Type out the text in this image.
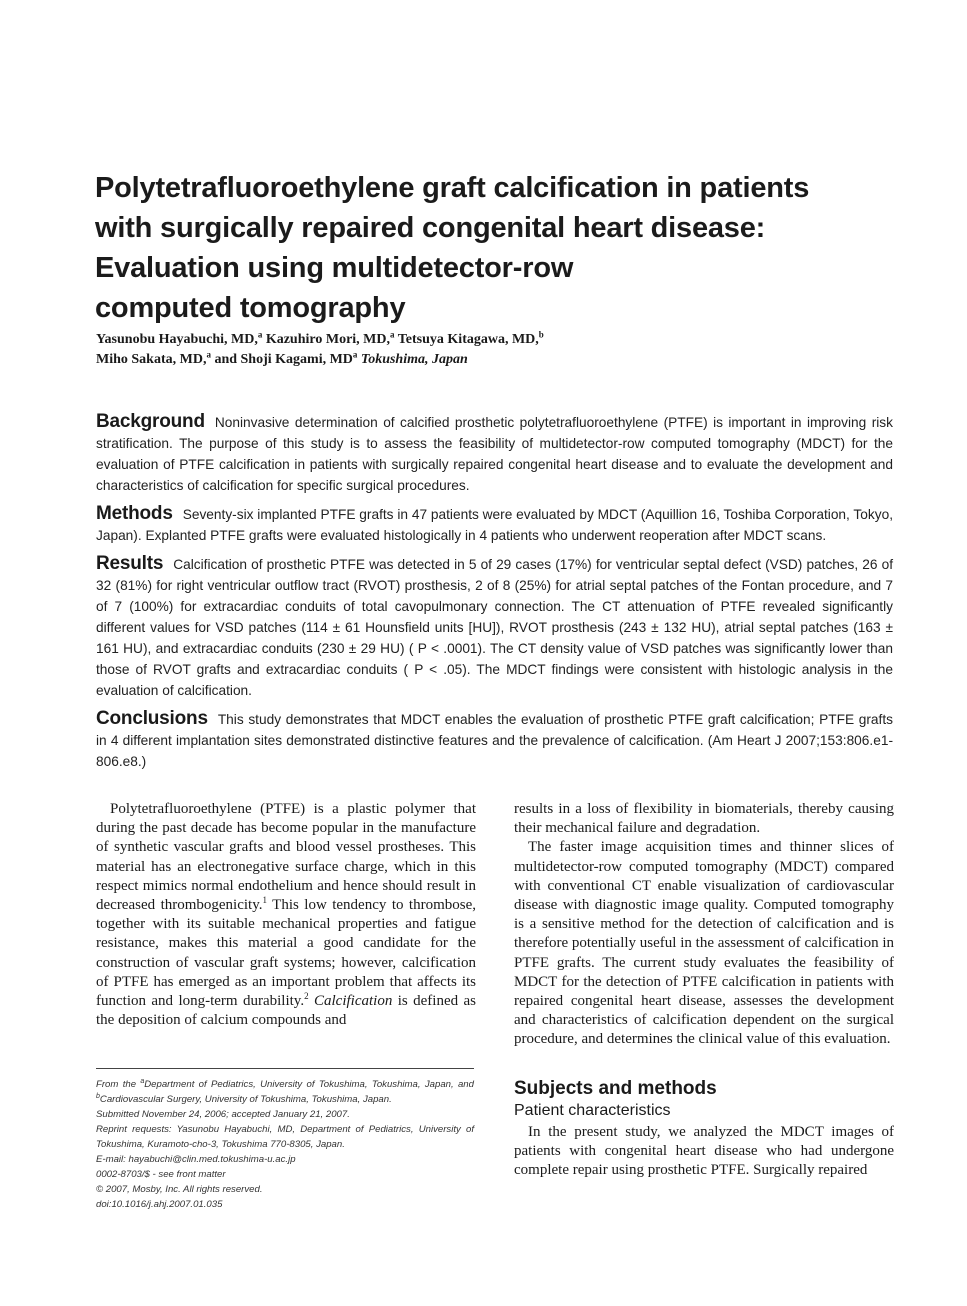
Polytetrafluoroethylene graft calcification in patients
with surgically repaired congenital heart disease:
Evaluation using multidetector-row
computed tomography
Yasunobu Hayabuchi, MD,$^a$ Kazuhiro Mori, MD,$^a$ Tetsuya Kitagawa, MD,$^b$
Miho Sakata, MD,$^a$ and Shoji Kagami, $MD^a$ Tokushima, Japan

Background Noninvasive determination of calcified prosthetic polytetrafluoroethylene (PTFE) is important in improving risk stratification. The purpose of this study is to assess the feasibility of multidetector-row computed tomography (MDCT) for the evaluation of PTFE calcification in patients with surgically repaired congenital heart disease and to evaluate the development and characteristics of calcification for specific surgical procedures.

Methods Seventy-six implanted PTFE grafts in 47 patients were evaluated by MDCT (Aquillion 16, Toshiba Corporation, Tokyo, Japan). Explanted PTFE grafts were evaluated histologically in 4 patients who underwent reoperation after MDCT scans.

Results Calcification of prosthetic PTFE was detected in 5 of 29 cases (17%) for ventricular septal defect (VSD) patches, 26 of 32 (81%) for right ventricular outflow tract (RVOT) prosthesis, 2 of 8 (25%) for atrial septal patches of the Fontan procedure, and 7 of 7 (100%) for extracardiac conduits of total cavopulmonary connection. The CT attenuation of PTFE revealed significantly different values for VSD patches (114 ± 61 Hounsfield units [HU]), RVOT prosthesis (243 ± 132 HU), atrial septal patches (163 ± 161 HU), and extracardiac conduits (230 ± 29 HU) ( P < .0001). The CT density value of VSD patches was significantly lower than those of RVOT grafts and extracardiac conduits ( P < .05). The MDCT findings were consistent with histologic analysis in the evaluation of calcification.

Conclusions This study demonstrates that MDCT enables the evaluation of prosthetic PTFE graft calcification; PTFE grafts in 4 different implantation sites demonstrated distinctive features and the prevalence of calcification. (Am Heart J 2007;153:806.e1-806.e8.)

Polytetrafluoroethylene (PTFE) is a plastic polymer that during the past decade has become popular in the manufacture of synthetic vascular grafts and blood vessel prostheses. This material has an electronegative surface charge, which in this respect mimics normal endothelium and hence should result in decreased thrombogenicity.$^1$ This low tendency to thrombose, together with its suitable mechanical properties and fatigue resistance, makes this material a good candidate for the construction of vascular graft systems; however, calcification of PTFE has emerged as an important problem that affects its function and long-term durability.$^2$ Calcification is defined as the deposition of calcium compounds and

From the $^a$Department of Pediatrics, University of Tokushima, Tokushima, Japan, and $^b$Cardiovascular Surgery, University of Tokushima, Tokushima, Japan.
Submitted November 24, 2006; accepted January 21, 2007.
Reprint requests: Yasunobu Hayabuchi, MD, Department of Pediatrics, University of Tokushima, Kuramoto-cho-3, Tokushima 770-8305, Japan.
E-mail: hayabuchi@clin.med.tokushima-u.ac.jp
0002-8703/$ - see front matter
© 2007, Mosby, Inc. All rights reserved.
doi:10.1016/j.ahj.2007.01.035

results in a loss of flexibility in biomaterials, thereby causing their mechanical failure and degradation.

The faster image acquisition times and thinner slices of multidetector-row computed tomography (MDCT) compared with conventional CT enable visualization of cardiovascular disease with diagnostic image quality. Computed tomography is a sensitive method for the detection of calcification and is therefore potentially useful in the assessment of calcification in PTFE grafts. The current study evaluates the feasibility of MDCT for the detection of PTFE calcification in patients with repaired congenital heart disease, assesses the development and characteristics of calcification dependent on the surgical procedure, and determines the clinical value of this evaluation.

Subjects and methods
Patient characteristics

In the present study, we analyzed the MDCT images of patients with congenital heart disease who had undergone complete repair using prosthetic PTFE. Surgically repaired
